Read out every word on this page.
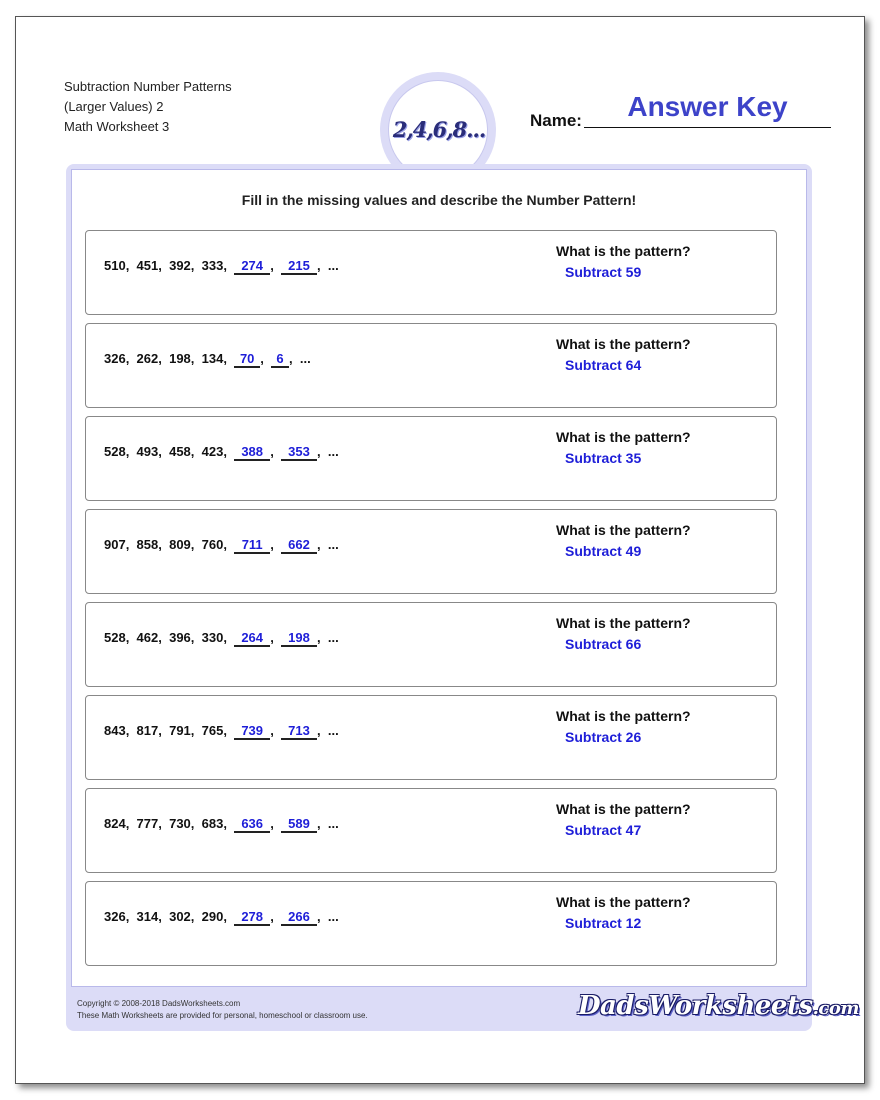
Subtraction Number Patterns
(Larger Values) 2
Math Worksheet 3	2,4,6,8...	Name:	Answer Key
Fill in the missing values and describe the Number Pattern!
510,  451,  392,  333,  274 ,  215 ,  ...
What is the pattern?
Subtract 59
326,  262,  198,  134,  70 ,  6 ,  ...
What is the pattern?
Subtract 64
528,  493,  458,  423,  388 ,  353 ,  ...
What is the pattern?
Subtract 35
907,  858,  809,  760,  711 ,  662 ,  ...
What is the pattern?
Subtract 49
528,  462,  396,  330,  264 ,  198 ,  ...
What is the pattern?
Subtract 66
843,  817,  791,  765,  739 ,  713 ,  ...
What is the pattern?
Subtract 26
824,  777,  730,  683,  636 ,  589 ,  ...
What is the pattern?
Subtract 47
326,  314,  302,  290,  278 ,  266 ,  ...
What is the pattern?
Subtract 12
Copyright © 2008-2018 DadsWorksheets.com
These Math Worksheets are provided for personal, homeschool or classroom use.	DadsWorksheets.com
